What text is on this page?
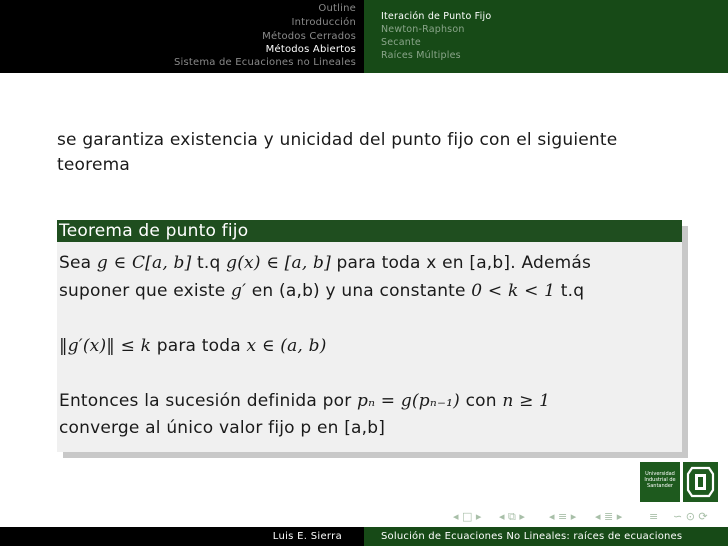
Outline
Introducción
Métodos Cerrados
Métodos Abiertos
Sistema de Ecuaciones no Lineales
Iteración de Punto Fijo
Newton-Raphson
Secante
Raíces Múltiples
se garantiza existencia y unicidad del punto fijo con el siguiente teorema
Teorema de punto fijo
Sea g ∈ C[a, b] t.q g(x) ∈ [a, b] para toda x en [a,b]. Además
suponer que existe g′ en (a,b) y una constante 0 < k < 1 t.q
‖g′(x)‖ ≤ k para toda x ∈ (a, b)
Entonces la sucesión definida por pₙ = g(pₙ₋₁) con n ≥ 1
converge al único valor fijo p en [a,b]
Universidad
Industrial de
Santander
◂ □ ▸ ◂ ⧉ ▸ ◂ ≡ ▸ ◂ ≣ ▸ ≡ ∽ ⊙ ⟳
Luis E. Sierra	Solución de Ecuaciones No Lineales: raíces de ecuaciones
